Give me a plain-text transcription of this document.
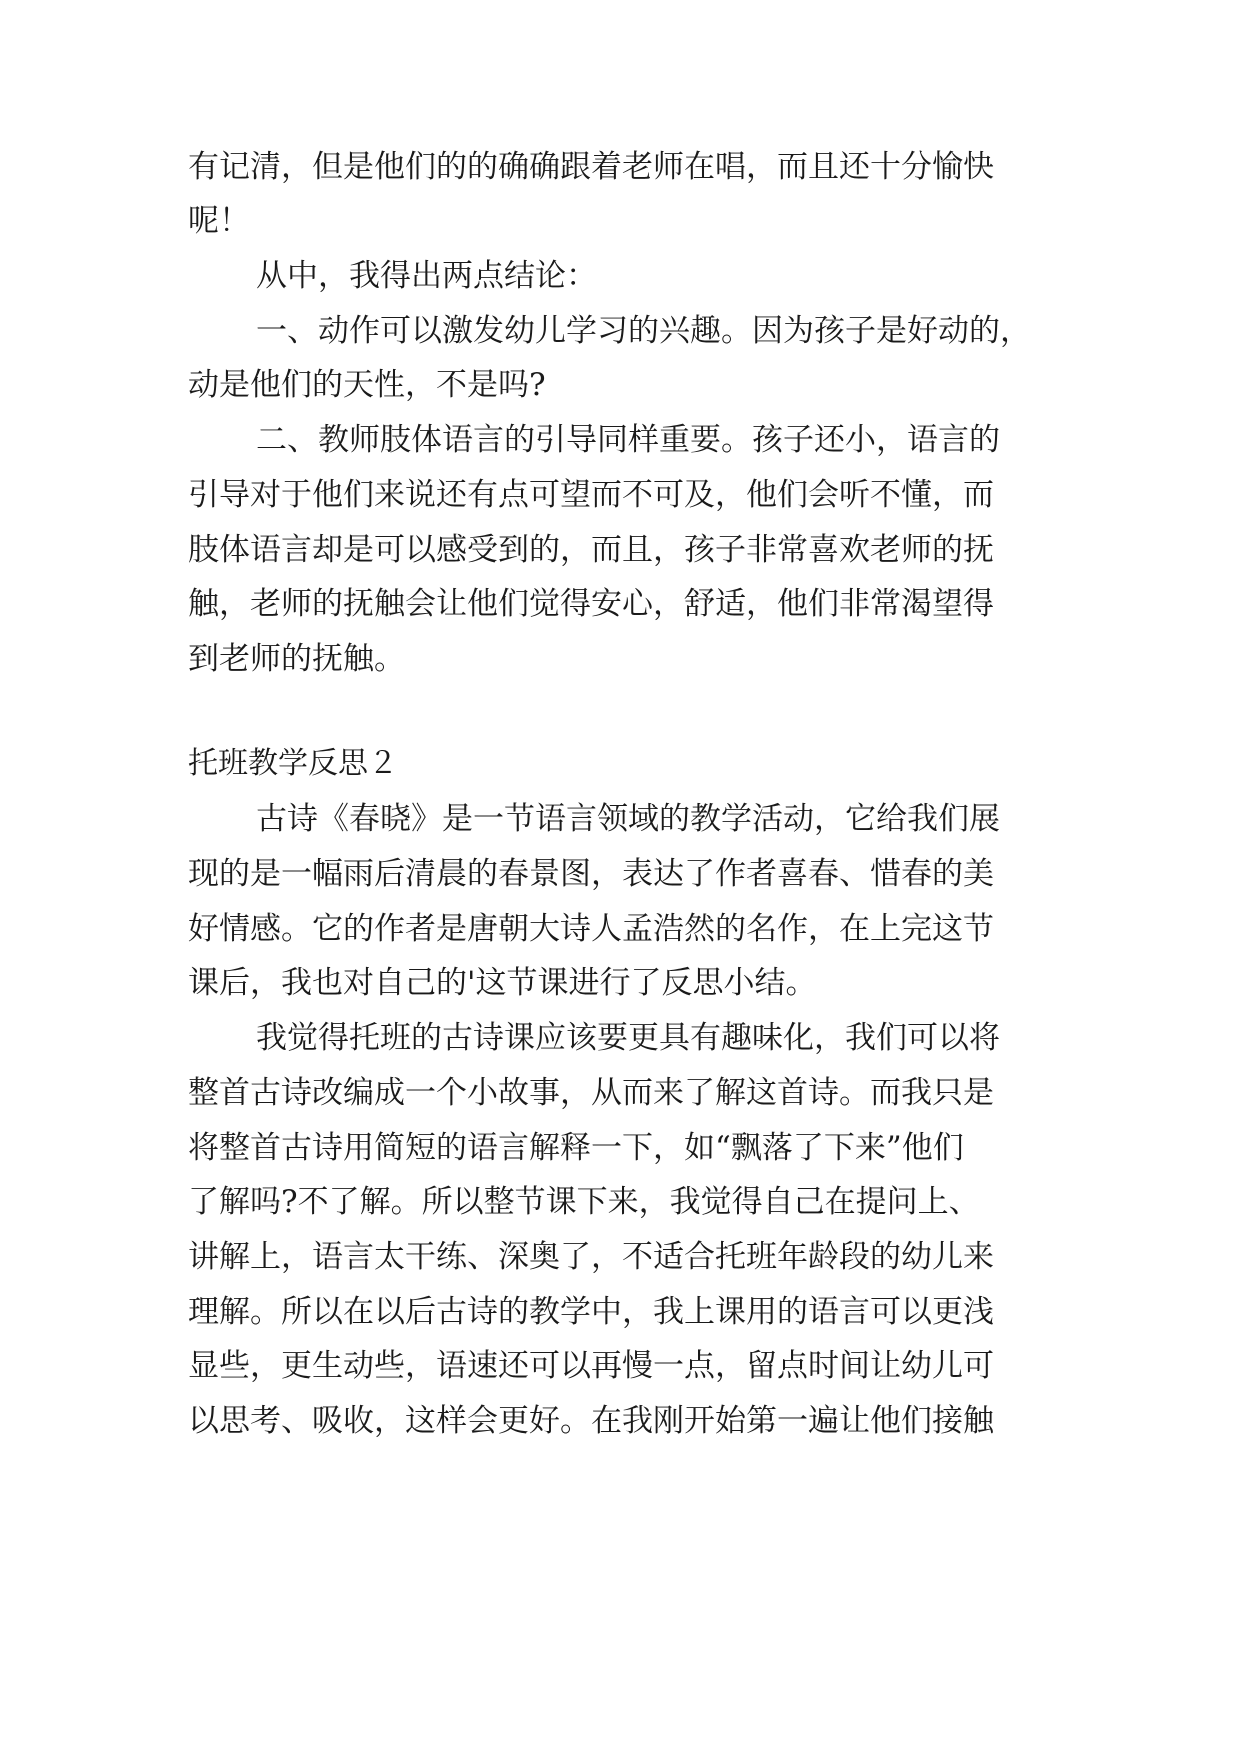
有记清，但是他们的的确确跟着老师在唱，而且还十分愉快
呢！
从中，我得出两点结论：
一、动作可以激发幼儿学习的兴趣。因为孩子是好动的，
动是他们的天性，不是吗?
二、教师肢体语言的引导同样重要。孩子还小，语言的
引导对于他们来说还有点可望而不可及，他们会听不懂，而
肢体语言却是可以感受到的，而且，孩子非常喜欢老师的抚
触，老师的抚触会让他们觉得安心，舒适，他们非常渴望得
到老师的抚触。
托班教学反思２
古诗《春晓》是一节语言领域的教学活动，它给我们展
现的是一幅雨后清晨的春景图，表达了作者喜春、惜春的美
好情感。它的作者是唐朝大诗人孟浩然的名作，在上完这节
课后，我也对自己的'这节课进行了反思小结。
我觉得托班的古诗课应该要更具有趣味化，我们可以将
整首古诗改编成一个小故事，从而来了解这首诗。而我只是
将整首古诗用简短的语言解释一下，如“飘落了下来”他们
了解吗?不了解。所以整节课下来，我觉得自己在提问上、
讲解上，语言太干练、深奥了，不适合托班年龄段的幼儿来
理解。所以在以后古诗的教学中，我上课用的语言可以更浅
显些，更生动些，语速还可以再慢一点，留点时间让幼儿可
以思考、吸收，这样会更好。在我刚开始第一遍让他们接触
